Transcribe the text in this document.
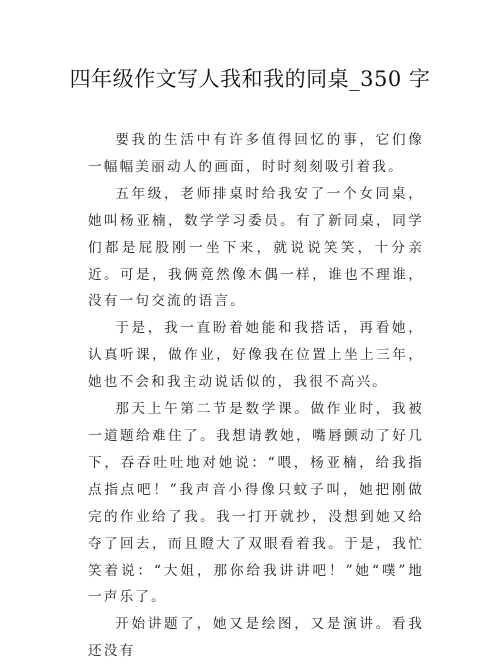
四年级作文写人我和我的同桌_350 字

要我的生活中有许多值得回忆的事，它们像一幅幅美丽动人的画面，时时刻刻吸引着我。

五年级，老师排桌时给我安了一个女同桌，她叫杨亚楠，数学学习委员。有了新同桌，同学们都是屁股刚一坐下来，就说说笑笑，十分亲近。可是，我俩竟然像木偶一样，谁也不理谁，没有一句交流的语言。

于是，我一直盼着她能和我搭话，再看她，认真听课，做作业，好像我在位置上坐上三年，她也不会和我主动说话似的，我很不高兴。

那天上午第二节是数学课。做作业时，我被一道题给难住了。我想请教她，嘴唇颤动了好几下，吞吞吐吐地对她说：“喂，杨亚楠，给我指点指点吧！”我声音小得像只蚊子叫，她把刚做完的作业给了我。我一打开就抄，没想到她又给夺了回去，而且瞪大了双眼看着我。于是，我忙笑着说：“大姐，那你给我讲讲吧！”她“噗”地一声乐了。

开始讲题了，她又是绘图，又是演讲。看我还没有
